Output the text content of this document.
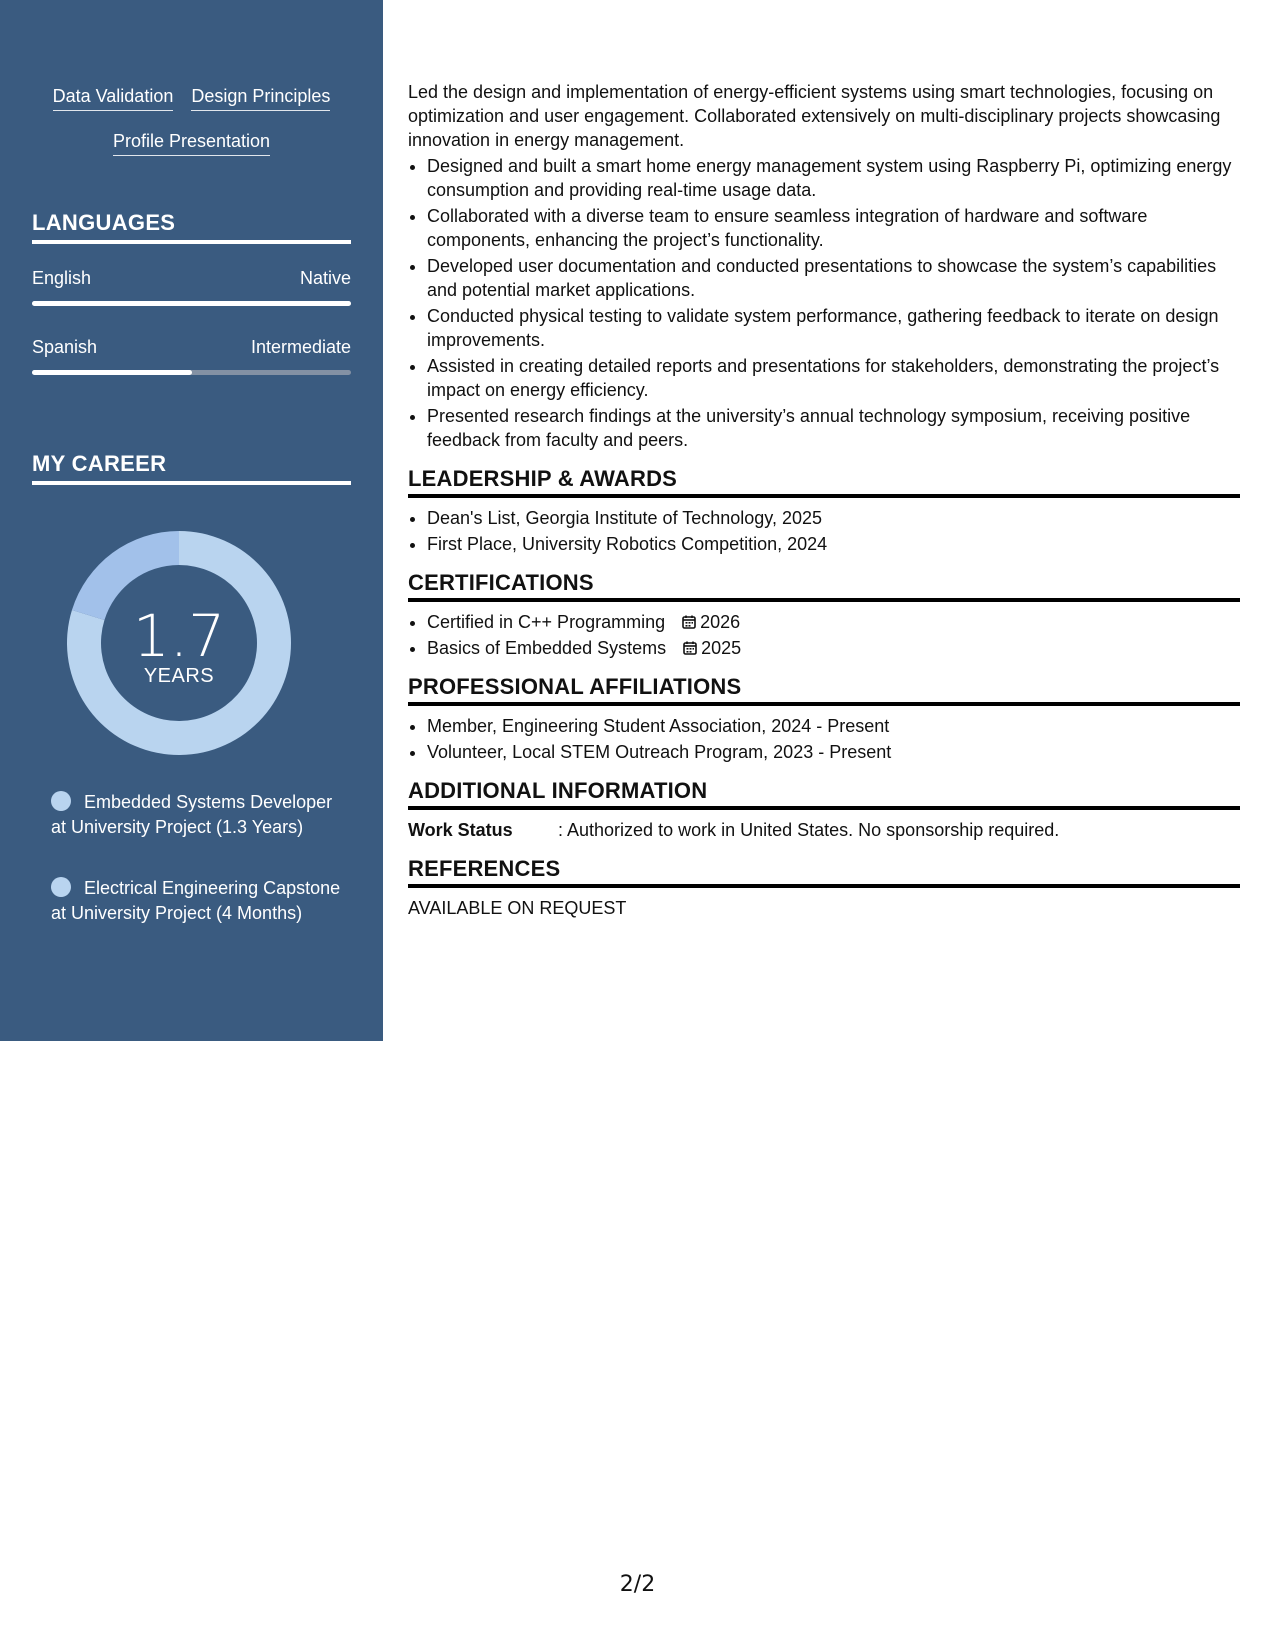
Data Validation Design Principles
Profile Presentation
LANGUAGES
English	Native
Spanish	Intermediate
MY CAREER
1.7
YEARS
Embedded Systems Developer at University Project (1.3 Years)
Electrical Engineering Capstone at University Project (4 Months)

Led the design and implementation of energy-efficient systems using smart technologies, focusing on optimization and user engagement. Collaborated extensively on multi-disciplinary projects showcasing innovation in energy management.

• Designed and built a smart home energy management system using Raspberry Pi, optimizing energy consumption and providing real-time usage data.
• Collaborated with a diverse team to ensure seamless integration of hardware and software components, enhancing the project’s functionality.
• Developed user documentation and conducted presentations to showcase the system’s capabilities and potential market applications.
• Conducted physical testing to validate system performance, gathering feedback to iterate on design improvements.
• Assisted in creating detailed reports and presentations for stakeholders, demonstrating the project’s impact on energy efficiency.
• Presented research findings at the university’s annual technology symposium, receiving positive feedback from faculty and peers.
LEADERSHIP & AWARDS
• Dean's List, Georgia Institute of Technology, 2025
• First Place, University Robotics Competition, 2024
CERTIFICATIONS
• Certified in C++ Programming 2026
• Basics of Embedded Systems 2025
PROFESSIONAL AFFILIATIONS
• Member, Engineering Student Association, 2024 - Present
• Volunteer, Local STEM Outreach Program, 2023 - Present
ADDITIONAL INFORMATION
Work Status	: Authorized to work in United States. No sponsorship required.
REFERENCES
AVAILABLE ON REQUEST
2/2
